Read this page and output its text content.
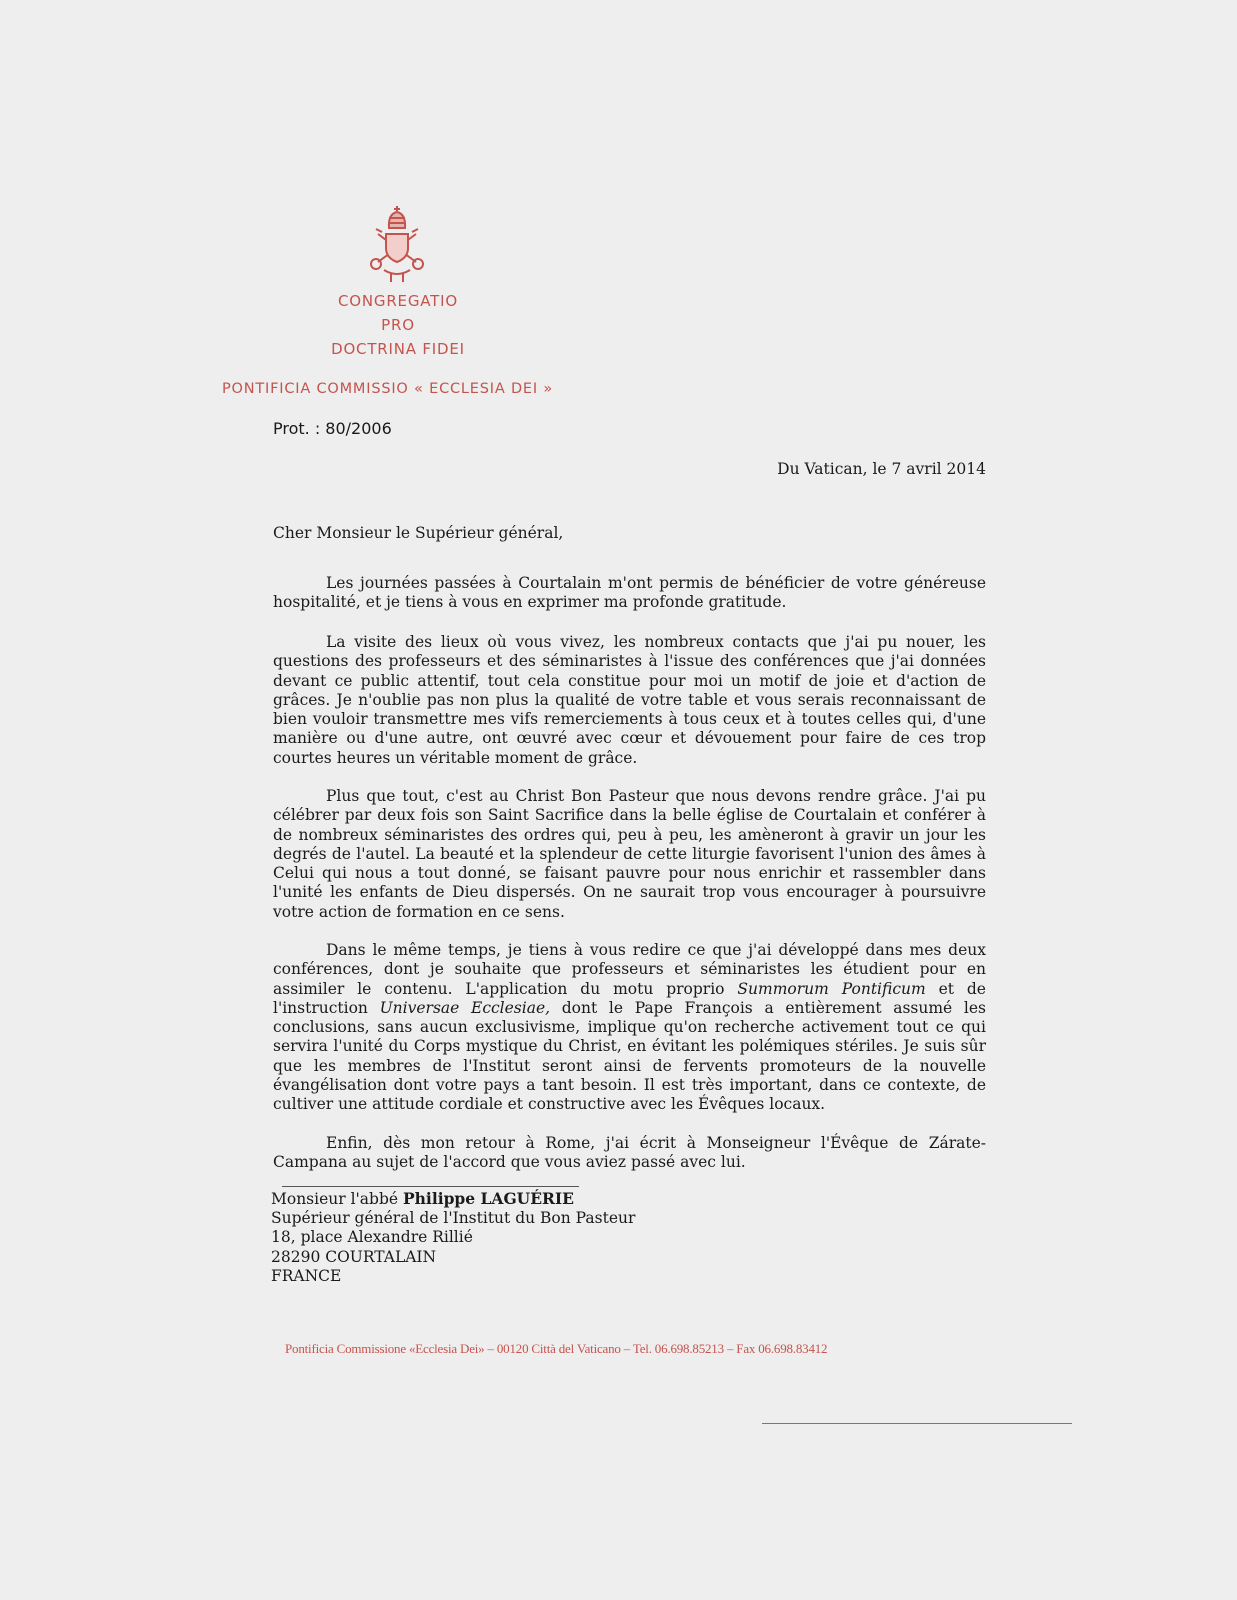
CONGREGATIO
PRO
DOCTRINA FIDEI
PONTIFICIA COMMISSIO « ECCLESIA DEI »
Prot. : 80/2006
Du Vatican, le 7 avril 2014
Cher Monsieur le Supérieur général,

Les journées passées à Courtalain m'ont permis de bénéficier de votre généreuse hospitalité, et je tiens à vous en exprimer ma profonde gratitude.

La visite des lieux où vous vivez, les nombreux contacts que j'ai pu nouer, les questions des professeurs et des séminaristes à l'issue des conférences que j'ai données devant ce public attentif, tout cela constitue pour moi un motif de joie et d'action de grâces. Je n'oublie pas non plus la qualité de votre table et vous serais reconnaissant de bien vouloir transmettre mes vifs remerciements à tous ceux et à toutes celles qui, d'une manière ou d'une autre, ont œuvré avec cœur et dévouement pour faire de ces trop courtes heures un véritable moment de grâce.

Plus que tout, c'est au Christ Bon Pasteur que nous devons rendre grâce. J'ai pu célébrer par deux fois son Saint Sacrifice dans la belle église de Courtalain et conférer à de nombreux séminaristes des ordres qui, peu à peu, les amèneront à gravir un jour les degrés de l'autel. La beauté et la splendeur de cette liturgie favorisent l'union des âmes à Celui qui nous a tout donné, se faisant pauvre pour nous enrichir et rassembler dans l'unité les enfants de Dieu dispersés. On ne saurait trop vous encourager à poursuivre votre action de formation en ce sens.

Dans le même temps, je tiens à vous redire ce que j'ai développé dans mes deux conférences, dont je souhaite que professeurs et séminaristes les étudient pour en assimiler le contenu. L'application du motu proprio Summorum Pontificum et de l'instruction Universae Ecclesiae, dont le Pape François a entièrement assumé les conclusions, sans aucun exclusivisme, implique qu'on recherche activement tout ce qui servira l'unité du Corps mystique du Christ, en évitant les polémiques stériles. Je suis sûr que les membres de l'Institut seront ainsi de fervents promoteurs de la nouvelle évangélisation dont votre pays a tant besoin. Il est très important, dans ce contexte, de cultiver une attitude cordiale et constructive avec les Évêques locaux.

Enfin, dès mon retour à Rome, j'ai écrit à Monseigneur l'Évêque de Zárate-Campana au sujet de l'accord que vous aviez passé avec lui.

Monsieur l'abbé Philippe LAGUÉRIE
Supérieur général de l'Institut du Bon Pasteur
18, place Alexandre Rillié
28290 COURTALAIN
FRANCE
Pontificia Commissione «Ecclesia Dei» – 00120 Città del Vaticano – Tel. 06.698.85213 – Fax 06.698.83412
